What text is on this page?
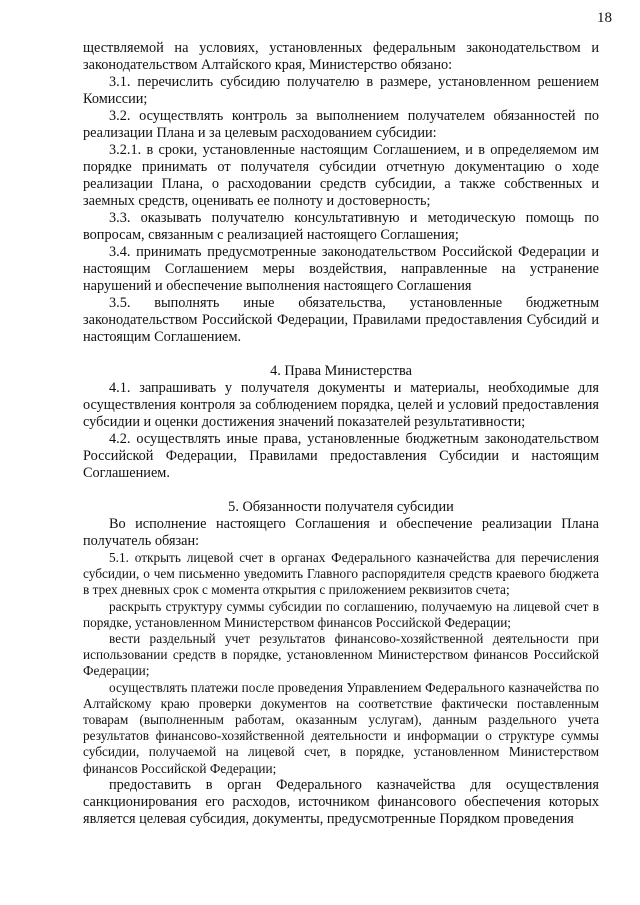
18

ществляемой на условиях, установленных федеральным законодательством и законодательством Алтайского края, Министерство обязано:

3.1. перечислить субсидию получателю в размере, установленном решением Комиссии;

3.2. осуществлять контроль за выполнением получателем обязанностей по реализации Плана и за целевым расходованием субсидии:

3.2.1. в сроки, установленные настоящим Соглашением, и в определяемом им порядке принимать от получателя субсидии отчетную документацию о ходе реализации Плана, о расходовании средств субсидии, а также собственных и заемных средств, оценивать ее полноту и достоверность;

3.3. оказывать получателю консультативную и методическую помощь по вопросам, связанным с реализацией настоящего Соглашения;

3.4. принимать предусмотренные законодательством Российской Федерации и настоящим Соглашением меры воздействия, направленные на устранение нарушений и обеспечение выполнения настоящего Соглашения

3.5. выполнять иные обязательства, установленные бюджетным законодательством Российской Федерации, Правилами предоставления Субсидий и настоящим Соглашением.

4. Права Министерства

4.1. запрашивать у получателя документы и материалы, необходимые для осуществления контроля за соблюдением порядка, целей и условий предоставления субсидии и оценки достижения значений показателей результативности;

4.2. осуществлять иные права, установленные бюджетным законодательством Российской Федерации, Правилами предоставления Субсидии и настоящим Соглашением.

5. Обязанности получателя субсидии

Во исполнение настоящего Соглашения и обеспечение реализации Плана получатель обязан:

5.1. открыть лицевой счет в органах Федерального казначейства для перечисления субсидии, о чем письменно уведомить Главного распорядителя средств краевого бюджета в трех дневных срок с момента открытия с приложением реквизитов счета;

раскрыть структуру суммы субсидии по соглашению, получаемую на лицевой счет в порядке, установленном Министерством финансов Российской Федерации;

вести раздельный учет результатов финансово-хозяйственной деятельности при использовании средств в порядке, установленном Министерством финансов Российской Федерации;

осуществлять платежи после проведения Управлением Федерального казначейства по Алтайскому краю проверки документов на соответствие фактически поставленным товарам (выполненным работам, оказанным услугам), данным раздельного учета результатов финансово-хозяйственной деятельности и информации о структуре суммы субсидии, получаемой на лицевой счет, в порядке, установленном Министерством финансов Российской Федерации;

предоставить в орган Федерального казначейства для осуществления санкционирования его расходов, источником финансового обеспечения которых является целевая субсидия, документы, предусмотренные Порядком проведения
